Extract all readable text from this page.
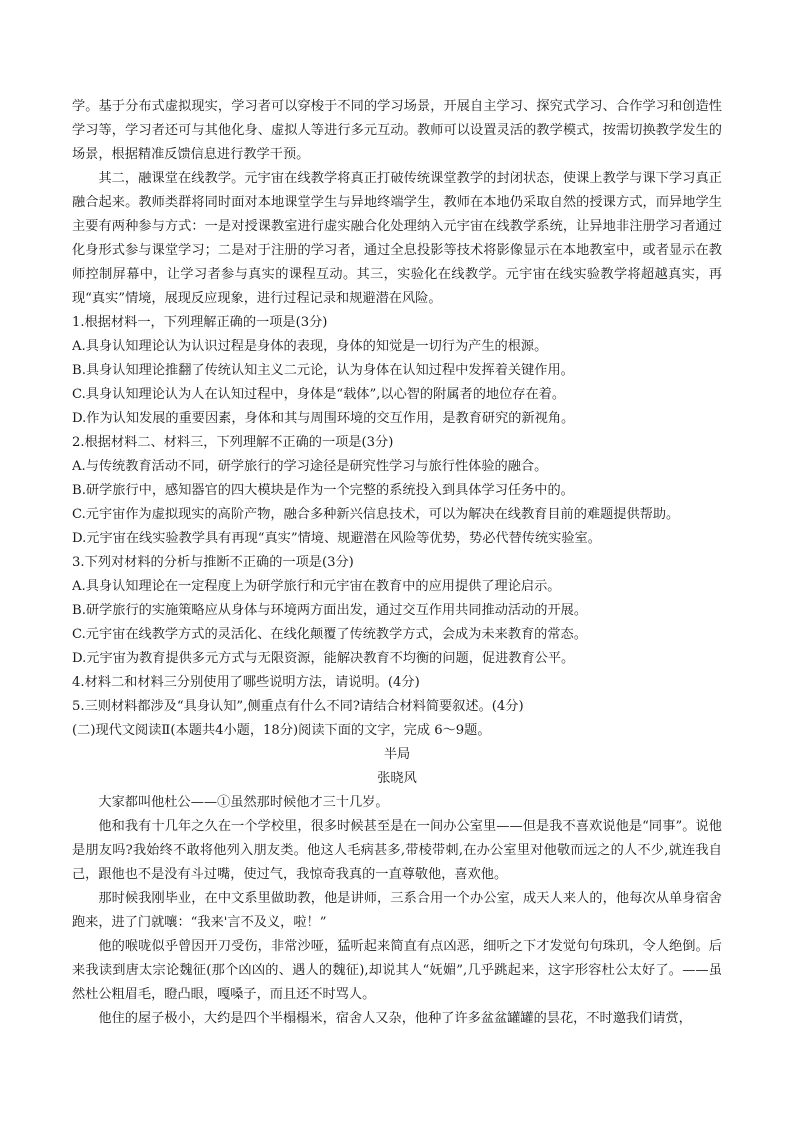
学。基于分布式虚拟现实，学习者可以穿梭于不同的学习场景，开展自主学习、探究式学习、合作学习和创造性学习等，学习者还可与其他化身、虚拟人等进行多元互动。教师可以设置灵活的教学模式，按需切换教学发生的场景，根据精准反馈信息进行教学干预。

其二，融课堂在线教学。元宇宙在线教学将真正打破传统课堂教学的封闭状态，使课上教学与课下学习真正融合起来。教师类群将同时面对本地课堂学生与异地终端学生，教师在本地仍采取自然的授课方式，而异地学生主要有两种参与方式：一是对授课教室进行虚实融合化处理纳入元宇宙在线教学系统，让异地非注册学习者通过化身形式参与课堂学习；二是对于注册的学习者，通过全息投影等技术将影像显示在本地教室中，或者显示在教师控制屏幕中，让学习者参与真实的课程互动。其三，实验化在线教学。元宇宙在线实验教学将超越真实，再现“真实”情境，展现反应现象，进行过程记录和规避潜在风险。

1.根据材料一，下列理解正确的一项是(3分)

A.具身认知理论认为认识过程是身体的表现，身体的知觉是一切行为产生的根源。

B.具身认知理论推翻了传统认知主义二元论，认为身体在认知过程中发挥着关键作用。

C.具身认知理论认为人在认知过程中，身体是“载体”,以心智的附属者的地位存在着。

D.作为认知发展的重要因素，身体和其与周围环境的交互作用，是教育研究的新视角。

2.根据材料二、材料三，下列理解不正确的一项是(3分)

A.与传统教育活动不同，研学旅行的学习途径是研究性学习与旅行性体验的融合。

B.研学旅行中，感知器官的四大模块是作为一个完整的系统投入到具体学习任务中的。

C.元宇宙作为虚拟现实的高阶产物，融合多种新兴信息技术，可以为解决在线教育目前的难题提供帮助。

D.元宇宙在线实验教学具有再现“真实”情境、规避潜在风险等优势，势必代替传统实验室。

3.下列对材料的分析与推断不正确的一项是(3分)

A.具身认知理论在一定程度上为研学旅行和元宇宙在教育中的应用提供了理论启示。

B.研学旅行的实施策略应从身体与环境两方面出发，通过交互作用共同推动活动的开展。

C.元宇宙在线教学方式的灵活化、在线化颠覆了传统教学方式，会成为未来教育的常态。

D.元宇宙为教育提供多元方式与无限资源，能解决教育不均衡的问题，促进教育公平。

4.材料二和材料三分别使用了哪些说明方法，请说明。(4分)

5.三则材料都涉及“具身认知”,侧重点有什么不同?请结合材料简要叙述。(4分)

(二)现代文阅读Ⅱ(本题共4小题，18分)阅读下面的文字，完成 6～9题。

半局

张晓风

大家都叫他杜公——①虽然那时候他才三十几岁。

他和我有十几年之久在一个学校里，很多时候甚至是在一间办公室里——但是我不喜欢说他是“同事”。说他是朋友吗?我始终不敢将他列入朋友类。他这人毛病甚多,带棱带刺,在办公室里对他敬而远之的人不少,就连我自己，跟他也不是没有斗过嘴，使过气，我惊奇我真的一直尊敬他，喜欢他。

那时候我刚毕业，在中文系里做助教，他是讲师，三系合用一个办公室，成天人来人的，他每次从单身宿舍跑来，进了门就嚷：“我来'言不及义，啦！”

他的喉咙似乎曾因开刀受伤，非常沙哑，猛听起来简直有点凶恶，细听之下才发觉句句珠玑，令人绝倒。后来我读到唐太宗论魏征(那个凶凶的、遇人的魏征),却说其人“妩媚”,几乎跳起来，这字形容杜公太好了。——虽然杜公粗眉毛，瞪凸眼，嘎嗓子，而且还不时骂人。

他住的屋子极小，大约是四个半榻榻米，宿舍人又杂，他种了许多盆盆罐罐的昙花，不时邀我们请赏，
